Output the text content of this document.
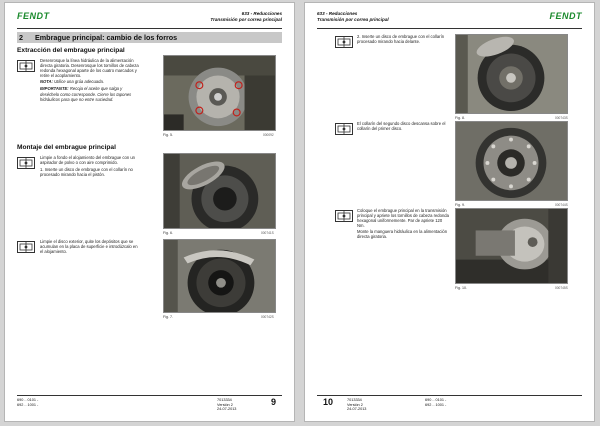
FENDT	633 - Reducciones
Transmisión por correa principal
2 Embrague principal: cambio de los forros
Extracción del embrague principal

Desenrosque la línea hidráulica de la alimentación directa giratoria. Desenrosque los tornillos de cabeza redonda hexagonal aparte de los cuatro marcados y retire el acoplamiento.

NOTA: Utilice una grúa adecuada.

IMPORTANTE: Recoja el aceite que salga y deséchelo como corresponde. Cierre los tapones hidráulicos para que no entre suciedad.

Fig. 5.	000092
Montaje del embrague principal

Limpie a fondo el alojamiento del embrague con un aspirador de polvo o con aire comprimido.

1. Inserte un disco de embrague con el collarín no procesado mirando hacia el pistón.

Fig. 6.	000741S

Limpie el disco exterior, quite los depósitos que se acumulan en la placa de superficie e introdúzcalo en el alojamiento.

Fig. 7.	000742S
690 .. 0101 -
692 .. 1001 -
7013334
Versión 2
24-07-2013
9
633 - Reducciones
Transmisión por correa principal	FENDT

2. Inserte un disco de embrague con el collarín procesado mirando hacia delante.

Fig. 8.	000743S

El collarín del segundo disco descansa sobre el collarín del primer disco.

Fig. 9.	000744S

Coloque el embrague principal en la transmisión principal y apriete los tornillos de cabeza redonda hexagonal uniformemente. Par de apriete 120 Nm.

Monte la manguera hidráulica en la alimentación directa giratoria.

Fig. 10.	000745S
10	7013334
Versión 2
24-07-2013
690 .. 0101 -
692 .. 1001 -
